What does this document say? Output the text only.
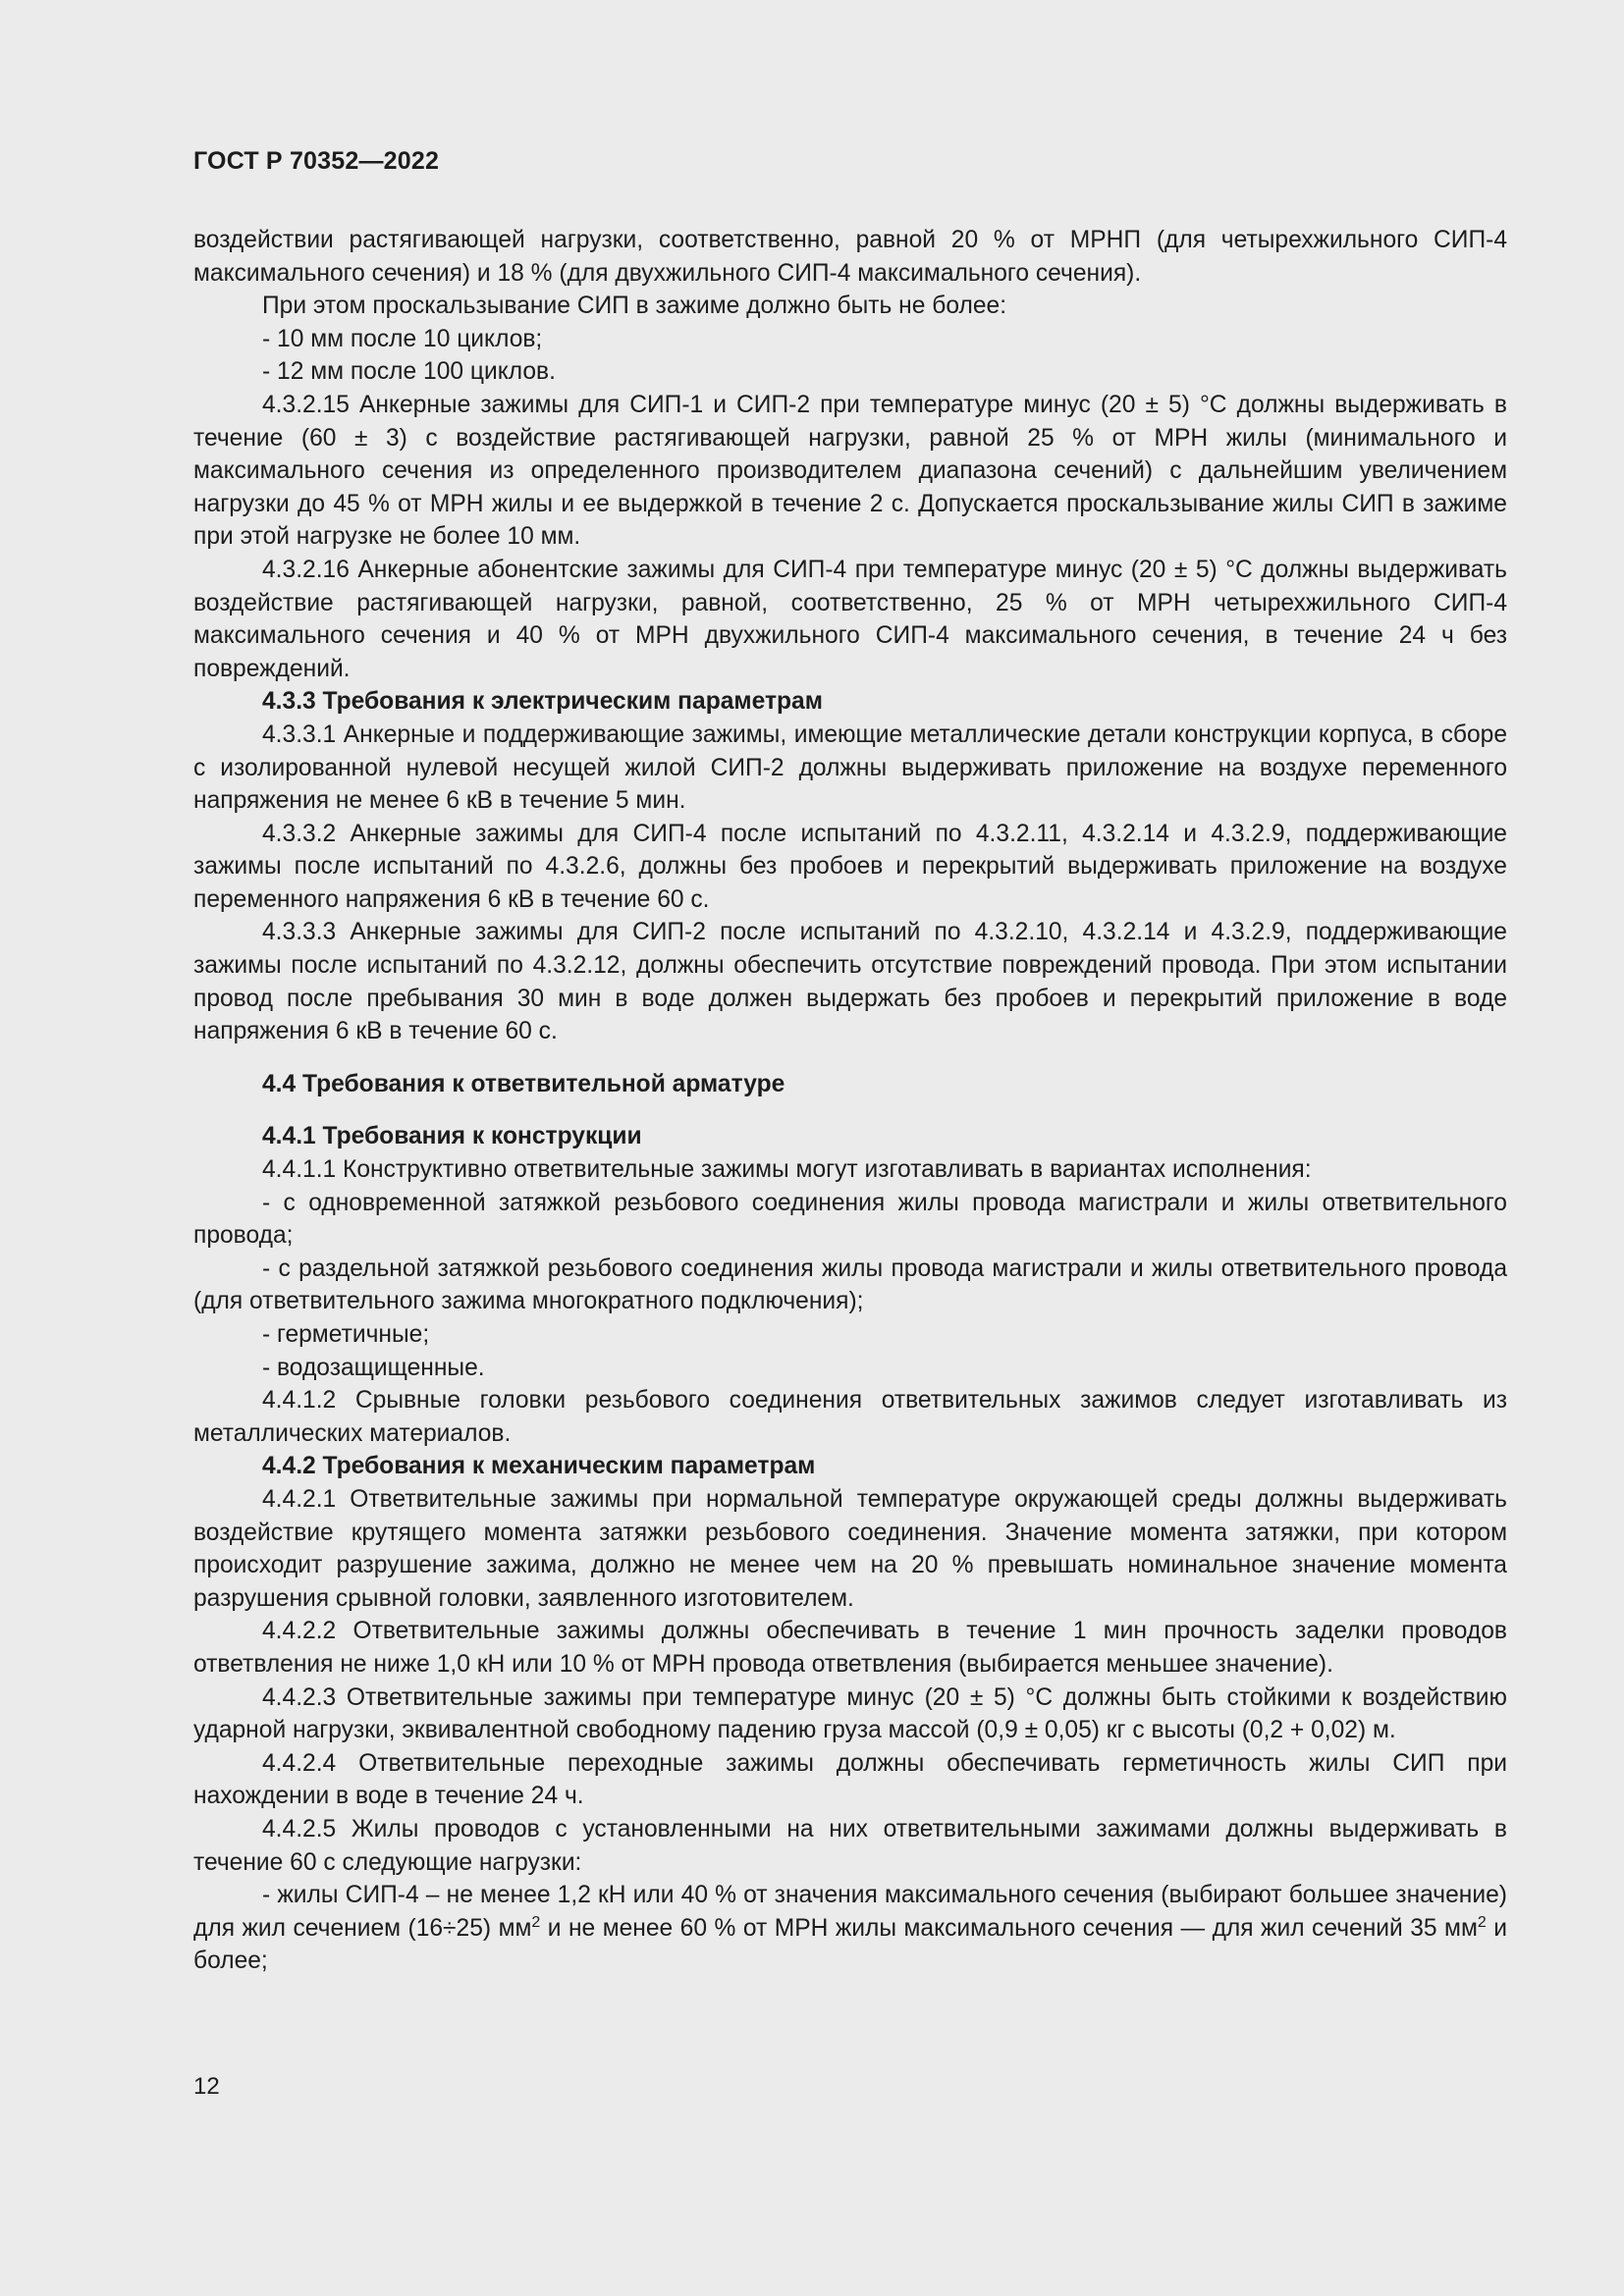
ГОСТ Р 70352—2022

воздействии растягивающей нагрузки, соответственно, равной 20 % от МРНП (для четырехжильного СИП-4 максимального сечения) и 18 % (для двухжильного СИП-4 максимального сечения).

При этом проскальзывание СИП в зажиме должно быть не более:

- 10 мм после 10 циклов;

- 12 мм после 100 циклов.

4.3.2.15 Анкерные зажимы для СИП-1 и СИП-2 при температуре минус (20 ± 5) °С должны выдерживать в течение (60 ± 3) с воздействие растягивающей нагрузки, равной 25 % от МРН жилы (минимального и максимального сечения из определенного производителем диапазона сечений) с дальнейшим увеличением нагрузки до 45 % от МРН жилы и ее выдержкой в течение 2 с. Допускается проскальзывание жилы СИП в зажиме при этой нагрузке не более 10 мм.

4.3.2.16 Анкерные абонентские зажимы для СИП-4 при температуре минус (20 ± 5) °С должны выдерживать воздействие растягивающей нагрузки, равной, соответственно, 25 % от МРН четырехжильного СИП-4 максимального сечения и 40 % от МРН двухжильного СИП-4 максимального сечения, в течение 24 ч без повреждений.

4.3.3 Требования к электрическим параметрам

4.3.3.1 Анкерные и поддерживающие зажимы, имеющие металлические детали конструкции корпуса, в сборе с изолированной нулевой несущей жилой СИП-2 должны выдерживать приложение на воздухе переменного напряжения не менее 6 кВ в течение 5 мин.

4.3.3.2 Анкерные зажимы для СИП-4 после испытаний по 4.3.2.11, 4.3.2.14 и 4.3.2.9, поддерживающие зажимы после испытаний по 4.3.2.6, должны без пробоев и перекрытий выдерживать приложение на воздухе переменного напряжения 6 кВ в течение 60 с.

4.3.3.3 Анкерные зажимы для СИП-2 после испытаний по 4.3.2.10, 4.3.2.14 и 4.3.2.9, поддерживающие зажимы после испытаний по 4.3.2.12, должны обеспечить отсутствие повреждений провода. При этом испытании провод после пребывания 30 мин в воде должен выдержать без пробоев и перекрытий приложение в воде напряжения 6 кВ в течение 60 с.

4.4 Требования к ответвительной арматуре

4.4.1 Требования к конструкции

4.4.1.1 Конструктивно ответвительные зажимы могут изготавливать в вариантах исполнения:

- с одновременной затяжкой резьбового соединения жилы провода магистрали и жилы ответвительного провода;

- с раздельной затяжкой резьбового соединения жилы провода магистрали и жилы ответвительного провода (для ответвительного зажима многократного подключения);

- герметичные;

- водозащищенные.

4.4.1.2 Срывные головки резьбового соединения ответвительных зажимов следует изготавливать из металлических материалов.

4.4.2 Требования к механическим параметрам

4.4.2.1 Ответвительные зажимы при нормальной температуре окружающей среды должны выдерживать воздействие крутящего момента затяжки резьбового соединения. Значение момента затяжки, при котором происходит разрушение зажима, должно не менее чем на 20 % превышать номинальное значение момента разрушения срывной головки, заявленного изготовителем.

4.4.2.2 Ответвительные зажимы должны обеспечивать в течение 1 мин прочность заделки проводов ответвления не ниже 1,0 кН или 10 % от МРН провода ответвления (выбирается меньшее значение).

4.4.2.3 Ответвительные зажимы при температуре минус (20 ± 5) °С должны быть стойкими к воздействию ударной нагрузки, эквивалентной свободному падению груза массой (0,9 ± 0,05) кг с высоты (0,2 + 0,02) м.

4.4.2.4 Ответвительные переходные зажимы должны обеспечивать герметичность жилы СИП при нахождении в воде в течение 24 ч.

4.4.2.5 Жилы проводов с установленными на них ответвительными зажимами должны выдерживать в течение 60 с следующие нагрузки:

- жилы СИП-4 – не менее 1,2 кН или 40 % от значения максимального сечения (выбирают большее значение) для жил сечением (16÷25) $мм^2$ и не менее 60 % от МРН жилы максимального сечения — для жил сечений 35 $мм^2$ и более;

12
